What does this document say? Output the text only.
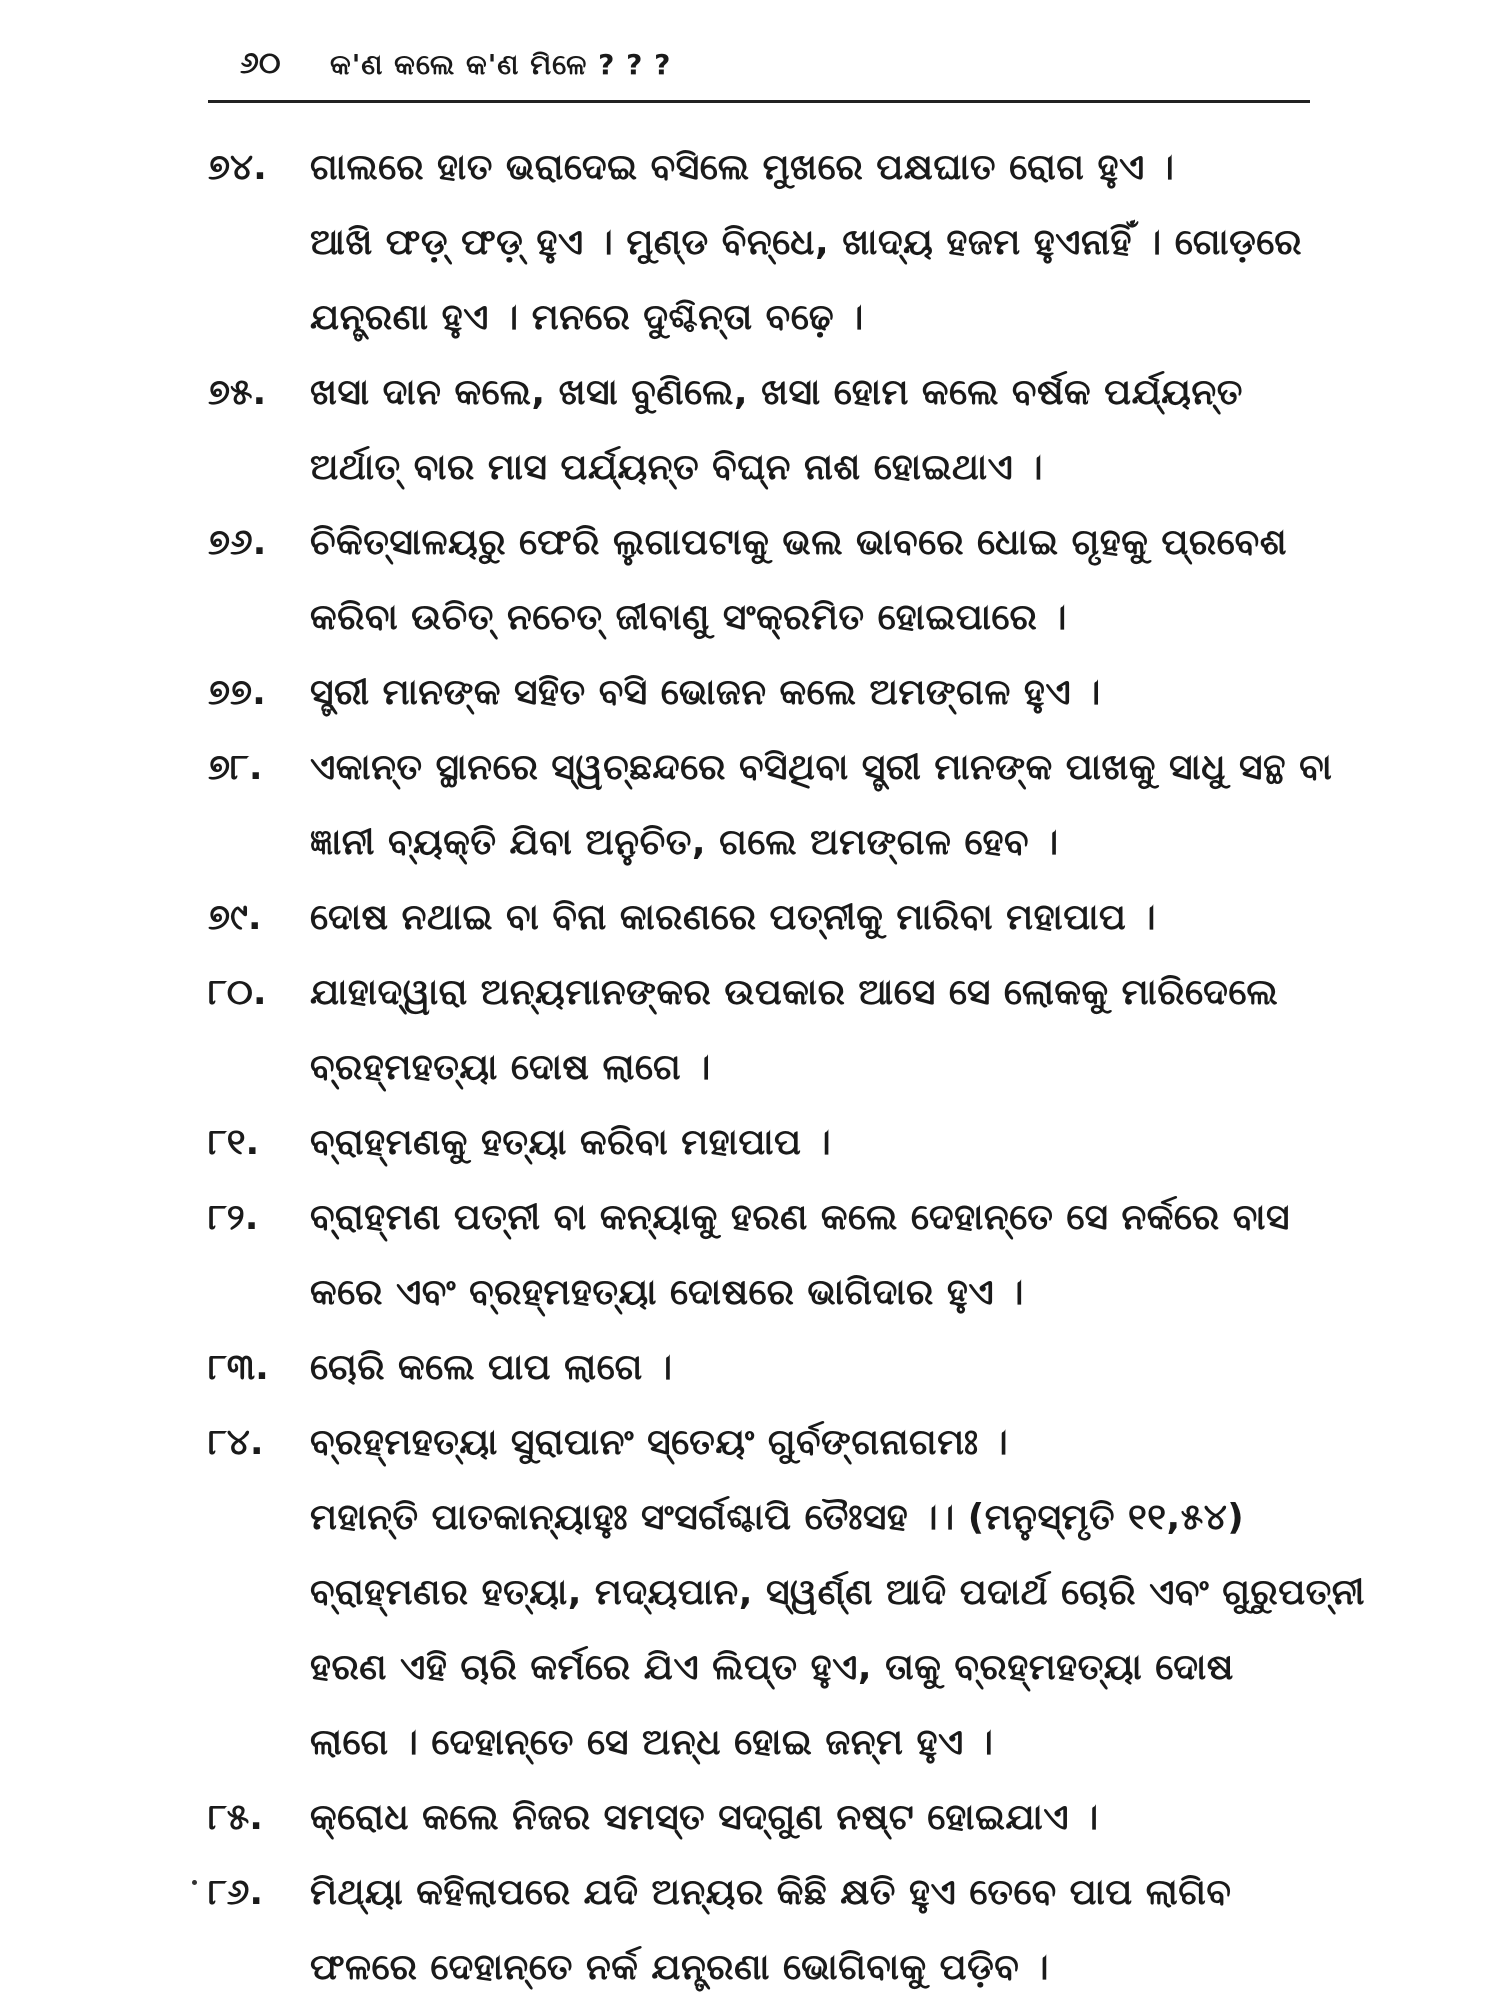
୬୦ କ'ଣ କଲେ କ'ଣ ମିଳେ ? ? ?
୭୪.	ଗାଲରେ ହାତ ଭରାଦେଇ ବସିଲେ ମୁଖରେ ପକ୍ଷଘାତ ରୋଗ ହୁଏ ।
ଆଖି ଫଡ଼୍ ଫଡ଼୍ ହୁଏ । ମୁଣ୍ଡ ବିନ୍ଧେ, ଖାଦ୍ୟ ହଜମ ହୁଏନାହିଁ । ଗୋଡ଼ରେ
ଯନ୍ତ୍ରଣା ହୁଏ । ମନରେ ଦୁଶ୍ଚିନ୍ତା ବଢ଼େ ।
୭୫.	ଖସା ଦାନ କଲେ, ଖସା ବୁଣିଲେ, ଖସା ହୋମ କଲେ ବର୍ଷକ ପର୍ଯ୍ୟନ୍ତ
ଅର୍ଥାତ୍ ବାର ମାସ ପର୍ଯ୍ୟନ୍ତ ବିଘ୍ନ ନାଶ ହୋଇଥାଏ ।
୭୬.	ଚିକିତ୍ସାଳୟରୁ ଫେରି ଲୁଗାପଟାକୁ ଭଲ ଭାବରେ ଧୋଇ ଗୃହକୁ ପ୍ରବେଶ
କରିବା ଉଚିତ୍ ନଚେତ୍ ଜୀବାଣୁ ସଂକ୍ରମିତ ହୋଇପାରେ ।
୭୭.	ସ୍ତ୍ରୀ ମାନଙ୍କ ସହିତ ବସି ଭୋଜନ କଲେ ଅମଙ୍ଗଳ ହୁଏ ।
୭୮.	ଏକାନ୍ତ ସ୍ଥାନରେ ସ୍ୱଚ୍ଛନ୍ଦରେ ବସିଥିବା ସ୍ତ୍ରୀ ମାନଙ୍କ ପାଖକୁ ସାଧୁ ସନ୍ଥ ବା
ଜ୍ଞାନୀ ବ୍ୟକ୍ତି ଯିବା ଅନୁଚିତ, ଗଲେ ଅମଙ୍ଗଳ ହେବ ।
୭୯.	ଦୋଷ ନଥାଇ ବା ବିନା କାରଣରେ ପତ୍ନୀକୁ ମାରିବା ମହାପାପ ।
୮୦.	ଯାହାଦ୍ୱାରା ଅନ୍ୟମାନଙ୍କର ଉପକାର ଆସେ ସେ ଲୋକକୁ ମାରିଦେଲେ
ବ୍ରହ୍ମହତ୍ୟା ଦୋଷ ଲାଗେ ।
୮୧.	ବ୍ରାହ୍ମଣକୁ ହତ୍ୟା କରିବା ମହାପାପ ।
୮୨.	ବ୍ରାହ୍ମଣ ପତ୍ନୀ ବା କନ୍ୟାକୁ ହରଣ କଲେ ଦେହାନ୍ତେ ସେ ନର୍କରେ ବାସ
କରେ ଏବଂ ବ୍ରହ୍ମହତ୍ୟା ଦୋଷରେ ଭାଗିଦାର ହୁଏ ।
୮୩.	ଚୋରି କଲେ ପାପ ଲାଗେ ।
୮୪.	ବ୍ରହ୍ମହତ୍ୟା ସୁରାପାନଂ ସ୍ତେୟଂ ଗୁର୍ବଙ୍ଗନାଗମଃ ।
ମହାନ୍ତି ପାତକାନ୍ୟାହୁଃ ସଂସର୍ଗଶ୍ଚାପି ତୈଃସହ ।। (ମନୁସ୍ମୃତି ୧୧,୫୪)
ବ୍ରାହ୍ମଣର ହତ୍ୟା, ମଦ୍ୟପାନ, ସ୍ୱର୍ଣ୍ଣ ଆଦି ପଦାର୍ଥ ଚୋରି ଏବଂ ଗୁରୁପତ୍ନୀ
ହରଣ ଏହି ଚାରି କର୍ମରେ ଯିଏ ଲିପ୍ତ ହୁଏ, ତାକୁ ବ୍ରହ୍ମହତ୍ୟା ଦୋଷ
ଲାଗେ । ଦେହାନ୍ତେ ସେ ଅନ୍ଧ ହୋଇ ଜନ୍ମ ହୁଏ ।
୮୫.	କ୍ରୋଧ କଲେ ନିଜର ସମସ୍ତ ସଦ୍‌ଗୁଣ ନଷ୍ଟ ହୋଇଯାଏ ।
୮୬.	ମିଥ୍ୟା କହିଲାପରେ ଯଦି ଅନ୍ୟର କିଛି କ୍ଷତି ହୁଏ ତେବେ ପାପ ଲାଗିବ
ଫଳରେ ଦେହାନ୍ତେ ନର୍କ ଯନ୍ତ୍ରଣା ଭୋଗିବାକୁ ପଡ଼ିବ ।
